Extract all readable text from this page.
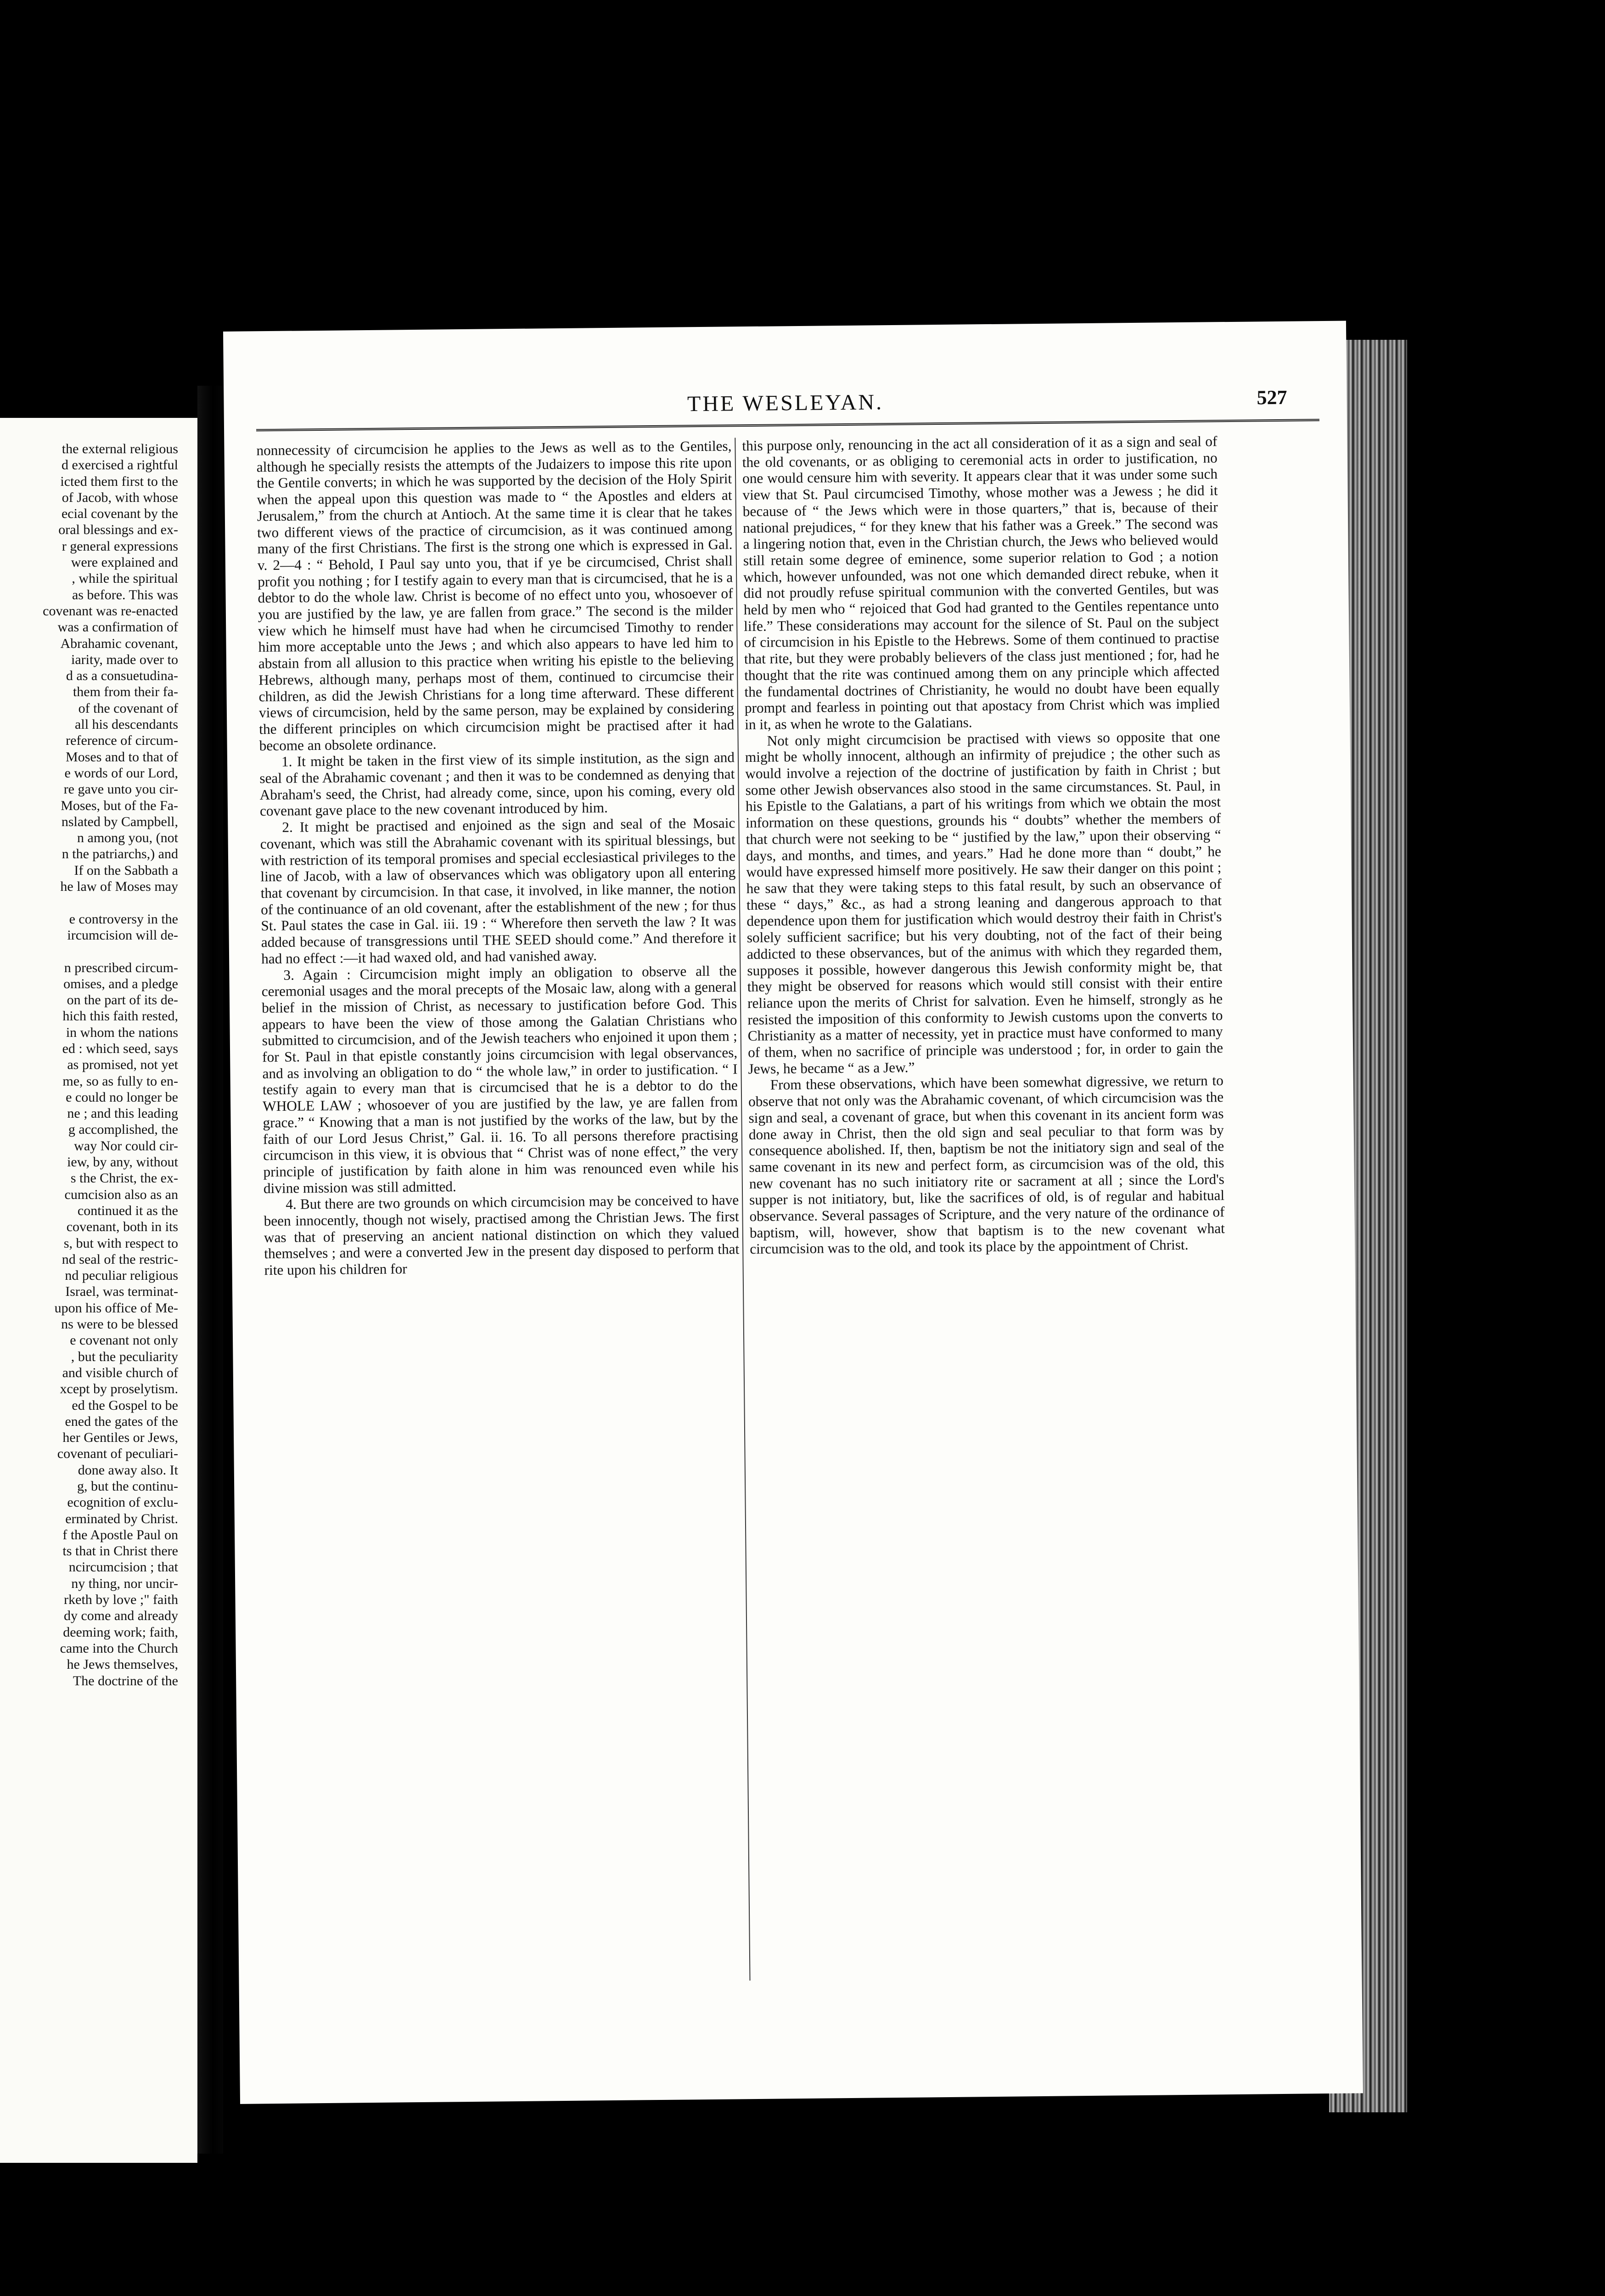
the external religious
d exercised a rightful
icted them first to the
of Jacob, with whose
ecial covenant by the
oral blessings and ex-
r general expressions
were explained and
, while the spiritual
as before. This was
covenant was re-enacted
was a confirmation of
Abrahamic covenant,
iarity, made over to
d as a consuetudina-
them from their fa-
of the covenant of
all his descendants
reference of circum-
Moses and to that of
e words of our Lord,
re gave unto you cir-
Moses, but of the Fa-
nslated by Campbell,
n among you, (not
n the patriarchs,) and
If on the Sabbath a
he law of Moses may

e controversy in the
ircumcision will de-

n prescribed circum-
omises, and a pledge
on the part of its de-
hich this faith rested,
in whom the nations
ed : which seed, says
as promised, not yet
me, so as fully to en-
e could no longer be
ne ; and this leading
g accomplished, the
way Nor could cir-
iew, by any, without
s the Christ, the ex-
cumcision also as an
continued it as the
covenant, both in its
s, but with respect to
nd seal of the restric-
nd peculiar religious
Israel, was terminat-
upon his office of Me-
ns were to be blessed
e covenant not only
, but the peculiarity
and visible church of
xcept by proselytism.
ed the Gospel to be
ened the gates of the
her Gentiles or Jews,
covenant of peculiari-
done away also. It
g, but the continu-
ecognition of exclu-
erminated by Christ.
f the Apostle Paul on
ts that in Christ there
ncircumcision ; that
ny thing, nor uncir-
rketh by love ;" faith
dy come and already
deeming work; faith,
came into the Church
he Jews themselves,
The doctrine of the
THE WESLEYAN.	527

nonnecessity of circumcision he applies to the Jews as well as to the Gentiles, although he specially resists the attempts of the Judaizers to impose this rite upon the Gentile converts; in which he was supported by the decision of the Holy Spirit when the appeal upon this question was made to “ the Apostles and elders at Jerusalem,” from the church at Antioch. At the same time it is clear that he takes two different views of the practice of circumcision, as it was continued among many of the first Christians. The first is the strong one which is expressed in Gal. v. 2—4 : “ Behold, I Paul say unto you, that if ye be circumcised, Christ shall profit you nothing ; for I testify again to every man that is circumcised, that he is a debtor to do the whole law. Christ is become of no effect unto you, whosoever of you are justified by the law, ye are fallen from grace.” The second is the milder view which he himself must have had when he circumcised Timothy to render him more acceptable unto the Jews ; and which also appears to have led him to abstain from all allusion to this practice when writing his epistle to the believing Hebrews, although many, perhaps most of them, continued to circumcise their children, as did the Jewish Christians for a long time afterward. These different views of circumcision, held by the same person, may be explained by considering the different principles on which circumcision might be practised after it had become an obsolete ordinance.

1. It might be taken in the first view of its simple institution, as the sign and seal of the Abrahamic covenant ; and then it was to be condemned as denying that Abraham's seed, the Christ, had already come, since, upon his coming, every old covenant gave place to the new covenant introduced by him.

2. It might be practised and enjoined as the sign and seal of the Mosaic covenant, which was still the Abrahamic covenant with its spiritual blessings, but with restriction of its temporal promises and special ecclesiastical privileges to the line of Jacob, with a law of observances which was obligatory upon all entering that covenant by circumcision. In that case, it involved, in like manner, the notion of the continuance of an old covenant, after the establishment of the new ; for thus St. Paul states the case in Gal. iii. 19 : “ Wherefore then serveth the law ? It was added because of transgressions until THE SEED should come.” And therefore it had no effect :—it had waxed old, and had vanished away.

3. Again : Circumcision might imply an obligation to observe all the ceremonial usages and the moral precepts of the Mosaic law, along with a general belief in the mission of Christ, as necessary to justification before God. This appears to have been the view of those among the Galatian Christians who submitted to circumcision, and of the Jewish teachers who enjoined it upon them ; for St. Paul in that epistle constantly joins circumcision with legal observances, and as involving an obligation to do “ the whole law,” in order to justification. “ I testify again to every man that is circumcised that he is a debtor to do the WHOLE LAW ; whosoever of you are justified by the law, ye are fallen from grace.” “ Knowing that a man is not justified by the works of the law, but by the faith of our Lord Jesus Christ,” Gal. ii. 16. To all persons therefore practising circumcison in this view, it is obvious that “ Christ was of none effect,” the very principle of justification by faith alone in him was renounced even while his divine mission was still admitted.

4. But there are two grounds on which circumcision may be conceived to have been innocently, though not wisely, practised among the Christian Jews. The first was that of preserving an ancient national distinction on which they valued themselves ; and were a converted Jew in the present day disposed to perform that rite upon his children for

this purpose only, renouncing in the act all consideration of it as a sign and seal of the old covenants, or as obliging to ceremonial acts in order to justification, no one would censure him with severity. It appears clear that it was under some such view that St. Paul circumcised Timothy, whose mother was a Jewess ; he did it because of “ the Jews which were in those quarters,” that is, because of their national prejudices, “ for they knew that his father was a Greek.” The second was a lingering notion that, even in the Christian church, the Jews who believed would still retain some degree of eminence, some superior relation to God ; a notion which, however unfounded, was not one which demanded direct rebuke, when it did not proudly refuse spiritual communion with the converted Gentiles, but was held by men who “ rejoiced that God had granted to the Gentiles repentance unto life.” These considerations may account for the silence of St. Paul on the subject of circumcision in his Epistle to the Hebrews. Some of them continued to practise that rite, but they were probably believers of the class just mentioned ; for, had he thought that the rite was continued among them on any principle which affected the fundamental doctrines of Christianity, he would no doubt have been equally prompt and fearless in pointing out that apostacy from Christ which was implied in it, as when he wrote to the Galatians.

Not only might circumcision be practised with views so opposite that one might be wholly innocent, although an infirmity of prejudice ; the other such as would involve a rejection of the doctrine of justification by faith in Christ ; but some other Jewish observances also stood in the same circumstances. St. Paul, in his Epistle to the Galatians, a part of his writings from which we obtain the most information on these questions, grounds his “ doubts” whether the members of that church were not seeking to be “ justified by the law,” upon their observing “ days, and months, and times, and years.” Had he done more than “ doubt,” he would have expressed himself more positively. He saw their danger on this point ; he saw that they were taking steps to this fatal result, by such an observance of these “ days,” &c., as had a strong leaning and dangerous approach to that dependence upon them for justification which would destroy their faith in Christ's solely sufficient sacrifice; but his very doubting, not of the fact of their being addicted to these observances, but of the animus with which they regarded them, supposes it possible, however dangerous this Jewish conformity might be, that they might be observed for reasons which would still consist with their entire reliance upon the merits of Christ for salvation. Even he himself, strongly as he resisted the imposition of this conformity to Jewish customs upon the converts to Christianity as a matter of necessity, yet in practice must have conformed to many of them, when no sacrifice of principle was understood ; for, in order to gain the Jews, he became “ as a Jew.”

From these observations, which have been somewhat digressive, we return to observe that not only was the Abrahamic covenant, of which circumcision was the sign and seal, a covenant of grace, but when this covenant in its ancient form was done away in Christ, then the old sign and seal peculiar to that form was by consequence abolished. If, then, baptism be not the initiatory sign and seal of the same covenant in its new and perfect form, as circumcision was of the old, this new covenant has no such initiatory rite or sacrament at all ; since the Lord's supper is not initiatory, but, like the sacrifices of old, is of regular and habitual observance. Several passages of Scripture, and the very nature of the ordinance of baptism, will, however, show that baptism is to the new covenant what circumcision was to the old, and took its place by the appointment of Christ.
